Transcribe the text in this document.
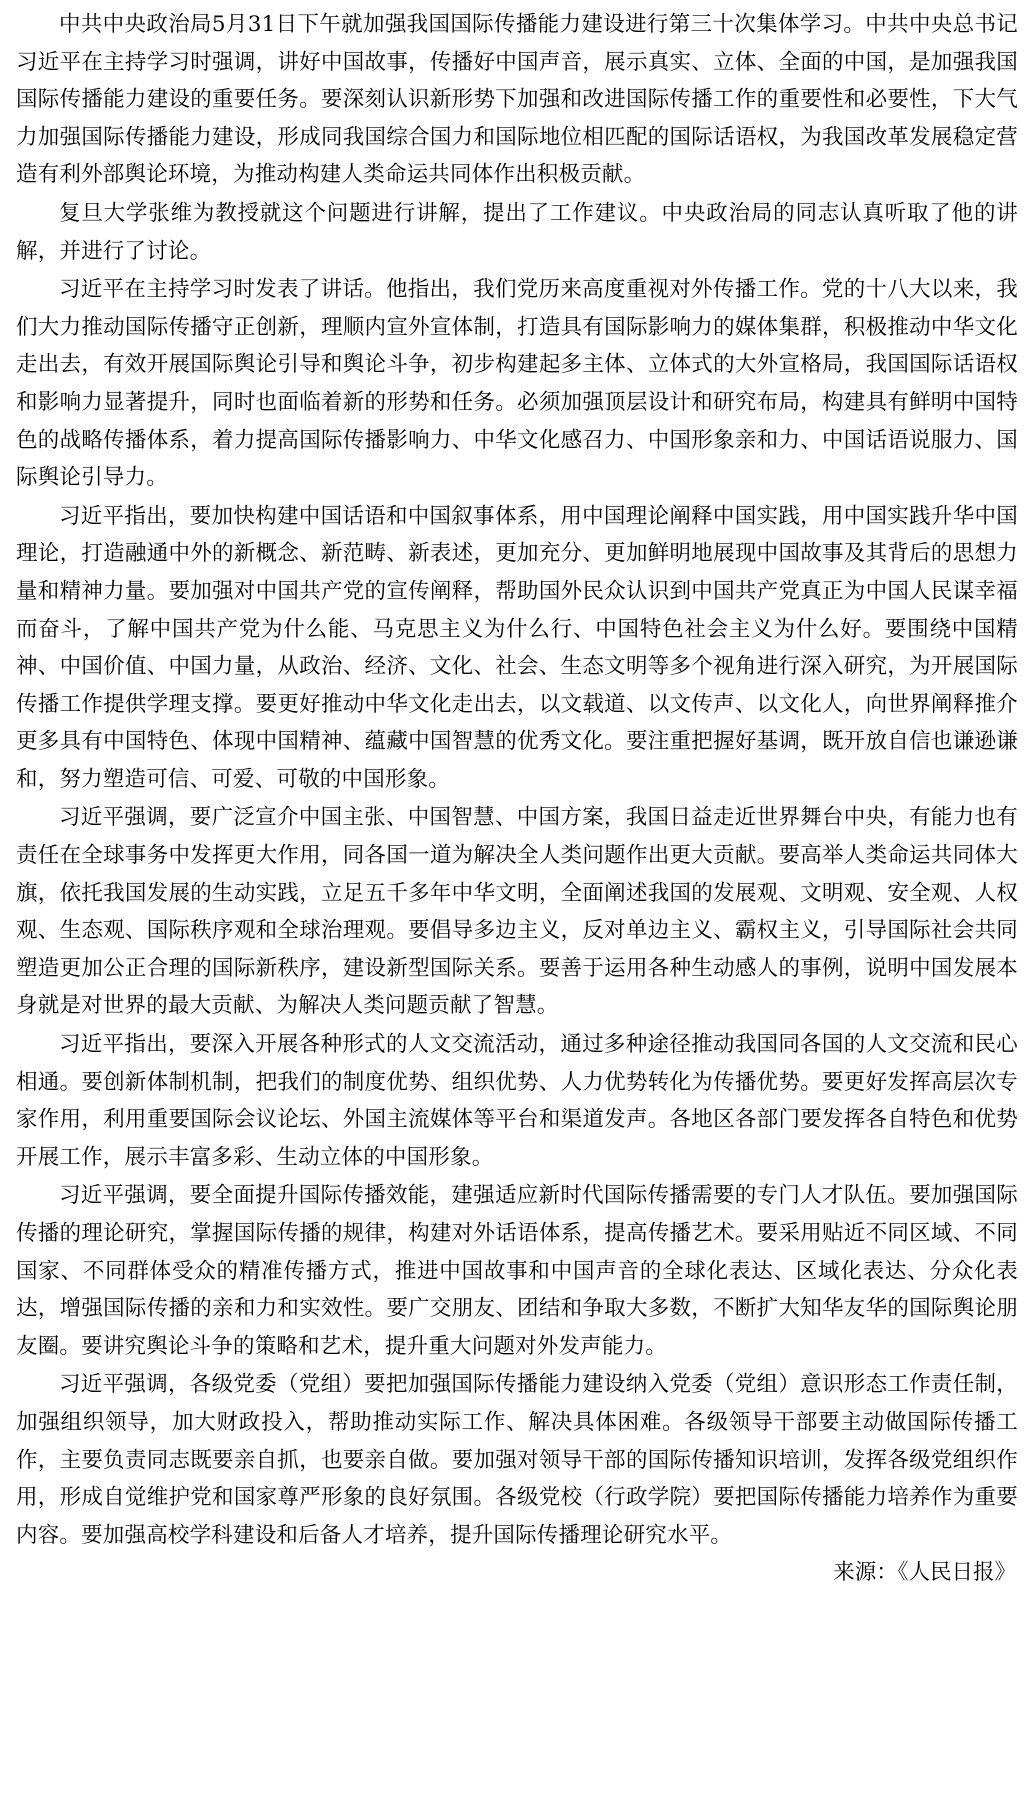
中共中央政治局5月31日下午就加强我国国际传播能力建设进行第三十次集体学习。中共中央总书记习近平在主持学习时强调，讲好中国故事，传播好中国声音，展示真实、立体、全面的中国，是加强我国国际传播能力建设的重要任务。要深刻认识新形势下加强和改进国际传播工作的重要性和必要性，下大气力加强国际传播能力建设，形成同我国综合国力和国际地位相匹配的国际话语权，为我国改革发展稳定营造有利外部舆论环境，为推动构建人类命运共同体作出积极贡献。

复旦大学张维为教授就这个问题进行讲解，提出了工作建议。中央政治局的同志认真听取了他的讲解，并进行了讨论。

习近平在主持学习时发表了讲话。他指出，我们党历来高度重视对外传播工作。党的十八大以来，我们大力推动国际传播守正创新，理顺内宣外宣体制，打造具有国际影响力的媒体集群，积极推动中华文化走出去，有效开展国际舆论引导和舆论斗争，初步构建起多主体、立体式的大外宣格局，我国国际话语权和影响力显著提升，同时也面临着新的形势和任务。必须加强顶层设计和研究布局，构建具有鲜明中国特色的战略传播体系，着力提高国际传播影响力、中华文化感召力、中国形象亲和力、中国话语说服力、国际舆论引导力。

习近平指出，要加快构建中国话语和中国叙事体系，用中国理论阐释中国实践，用中国实践升华中国理论，打造融通中外的新概念、新范畴、新表述，更加充分、更加鲜明地展现中国故事及其背后的思想力量和精神力量。要加强对中国共产党的宣传阐释，帮助国外民众认识到中国共产党真正为中国人民谋幸福而奋斗，了解中国共产党为什么能、马克思主义为什么行、中国特色社会主义为什么好。要围绕中国精神、中国价值、中国力量，从政治、经济、文化、社会、生态文明等多个视角进行深入研究，为开展国际传播工作提供学理支撑。要更好推动中华文化走出去，以文载道、以文传声、以文化人，向世界阐释推介更多具有中国特色、体现中国精神、蕴藏中国智慧的优秀文化。要注重把握好基调，既开放自信也谦逊谦和，努力塑造可信、可爱、可敬的中国形象。

习近平强调，要广泛宣介中国主张、中国智慧、中国方案，我国日益走近世界舞台中央，有能力也有责任在全球事务中发挥更大作用，同各国一道为解决全人类问题作出更大贡献。要高举人类命运共同体大旗，依托我国发展的生动实践，立足五千多年中华文明，全面阐述我国的发展观、文明观、安全观、人权观、生态观、国际秩序观和全球治理观。要倡导多边主义，反对单边主义、霸权主义，引导国际社会共同塑造更加公正合理的国际新秩序，建设新型国际关系。要善于运用各种生动感人的事例，说明中国发展本身就是对世界的最大贡献、为解决人类问题贡献了智慧。

习近平指出，要深入开展各种形式的人文交流活动，通过多种途径推动我国同各国的人文交流和民心相通。要创新体制机制，把我们的制度优势、组织优势、人力优势转化为传播优势。要更好发挥高层次专家作用，利用重要国际会议论坛、外国主流媒体等平台和渠道发声。各地区各部门要发挥各自特色和优势开展工作，展示丰富多彩、生动立体的中国形象。

习近平强调，要全面提升国际传播效能，建强适应新时代国际传播需要的专门人才队伍。要加强国际传播的理论研究，掌握国际传播的规律，构建对外话语体系，提高传播艺术。要采用贴近不同区域、不同国家、不同群体受众的精准传播方式，推进中国故事和中国声音的全球化表达、区域化表达、分众化表达，增强国际传播的亲和力和实效性。要广交朋友、团结和争取大多数，不断扩大知华友华的国际舆论朋友圈。要讲究舆论斗争的策略和艺术，提升重大问题对外发声能力。

习近平强调，各级党委（党组）要把加强国际传播能力建设纳入党委（党组）意识形态工作责任制，加强组织领导，加大财政投入，帮助推动实际工作、解决具体困难。各级领导干部要主动做国际传播工作，主要负责同志既要亲自抓，也要亲自做。要加强对领导干部的国际传播知识培训，发挥各级党组织作用，形成自觉维护党和国家尊严形象的良好氛围。各级党校（行政学院）要把国际传播能力培养作为重要内容。要加强高校学科建设和后备人才培养，提升国际传播理论研究水平。

来源：《人民日报》
